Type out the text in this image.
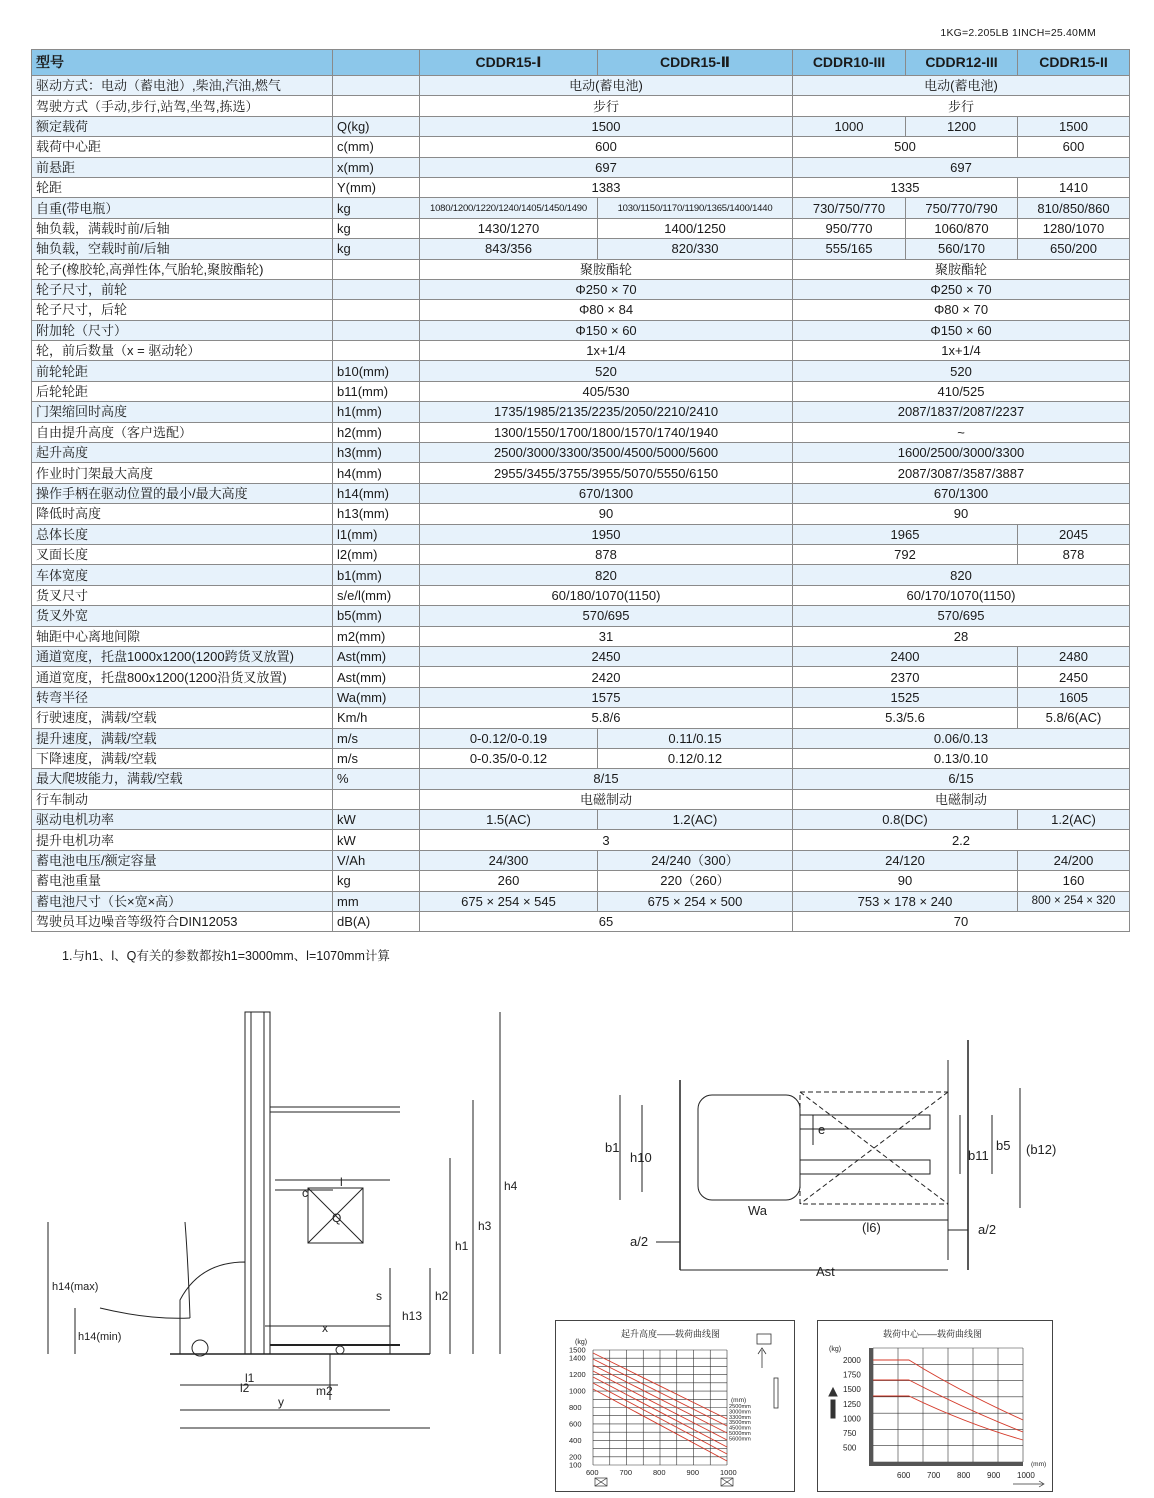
1KG=2.205LB 1INCH=25.40MM
型号		CDDR15-Ⅰ	CDDR15-Ⅱ	CDDR10-III	CDDR12-III	CDDR15-II
驱动方式：电动（蓄电池）,柴油,汽油,燃气		电动(蓄电池)		电动(蓄电池)		
驾驶方式（手动,步行,站驾,坐驾,拣选）		步行		步行		
额定载荷	Q(kg)	1500		1000	1200	1500
载荷中心距	c(mm)	600		500		600
前悬距	x(mm)	697		697		
轮距	Y(mm)	1383		1335		1410
自重(带电瓶）	kg	1080/1200/1220/1240/1405/1450/1490	1030/1150/1170/1190/1365/1400/1440	730/750/770	750/770/790	810/850/860
轴负载，满载时前/后轴	kg	1430/1270	1400/1250	950/770	1060/870	1280/1070
轴负载，空载时前/后轴	kg	843/356	820/330	555/165	560/170	650/200
轮子(橡胶轮,高弹性体,气胎轮,聚胺酯轮)		聚胺酯轮		聚胺酯轮		
轮子尺寸，前轮		Φ250 × 70		Φ250 × 70		
轮子尺寸，后轮		Φ80 × 84		Φ80 × 70		
附加轮（尺寸）		Φ150 × 60		Φ150 × 60		
轮，前后数量（x = 驱动轮）		1x+1/4		1x+1/4		
前轮轮距	b10(mm)	520		520		
后轮轮距	b11(mm)	405/530		410/525		
门架缩回时高度	h1(mm)	1735/1985/2135/2235/2050/2210/2410		2087/1837/2087/2237		
自由提升高度（客户选配）	h2(mm)	1300/1550/1700/1800/1570/1740/1940		~		
起升高度	h3(mm)	2500/3000/3300/3500/4500/5000/5600		1600/2500/3000/3300		
作业时门架最大高度	h4(mm)	2955/3455/3755/3955/5070/5550/6150		2087/3087/3587/3887		
操作手柄在驱动位置的最小/最大高度	h14(mm)	670/1300		670/1300		
降低时高度	h13(mm)	90		90		
总体长度	l1(mm)	1950		1965		2045
叉面长度	l2(mm)	878		792		878
车体宽度	b1(mm)	820		820		
货叉尺寸	s/e/l(mm)	60/180/1070(1150)		60/170/1070(1150)		
货叉外宽	b5(mm)	570/695		570/695		
轴距中心离地间隙	m2(mm)	31		28		
通道宽度，托盘1000x1200(1200跨货叉放置)	Ast(mm)	2450		2400		2480
通道宽度，托盘800x1200(1200沿货叉放置)	Ast(mm)	2420		2370		2450
转弯半径	Wa(mm)	1575		1525		1605
行驶速度，满载/空载	Km/h	5.8/6		5.3/5.6		5.8/6(AC)
提升速度，满载/空载	m/s	0-0.12/0-0.19	0.11/0.15	0.06/0.13		
下降速度，满载/空载	m/s	0-0.35/0-0.12	0.12/0.12	0.13/0.10		
最大爬坡能力，满载/空载	%	8/15		6/15		
行车制动		电磁制动		电磁制动		
驱动电机功率	kW	1.5(AC)	1.2(AC)	0.8(DC)		1.2(AC)
提升电机功率	kW	3		2.2		
蓄电池电压/额定容量	V/Ah	24/300	24/240（300）	24/120		24/200
蓄电池重量	kg	260	220（260）	90		160
蓄电池尺寸（长×宽×高）	mm	675 × 254 × 545	675 × 254 × 500	753 × 178 × 240		800 × 254 × 320
驾驶员耳边噪音等级符合DIN12053	dB(A)	65		70		
1.与h1、l、Q有关的参数都按h1=3000mm、l=1070mm计算
c
l
Q
x
s
h1
h2
h3
h4
h13
h14(max)
h14(min)
l1
l2
y
m2
b1
h10
e
b11
b5 (b12)
Wa
a/2
a/2
(l6)
Ast
起升高度——载荷曲线图
(kg)
1500
1400
1200
1000
800
600
400
200
100
600	700	800	900	1000
(mm)
2500mm
3000mm
3300mm
3500mm
4500mm
5000mm
5600mm
载荷中心——载荷曲线图
(kg)
2000
1750
1500
1250
1000
750
500
600 700 800 900 1000
(mm)
